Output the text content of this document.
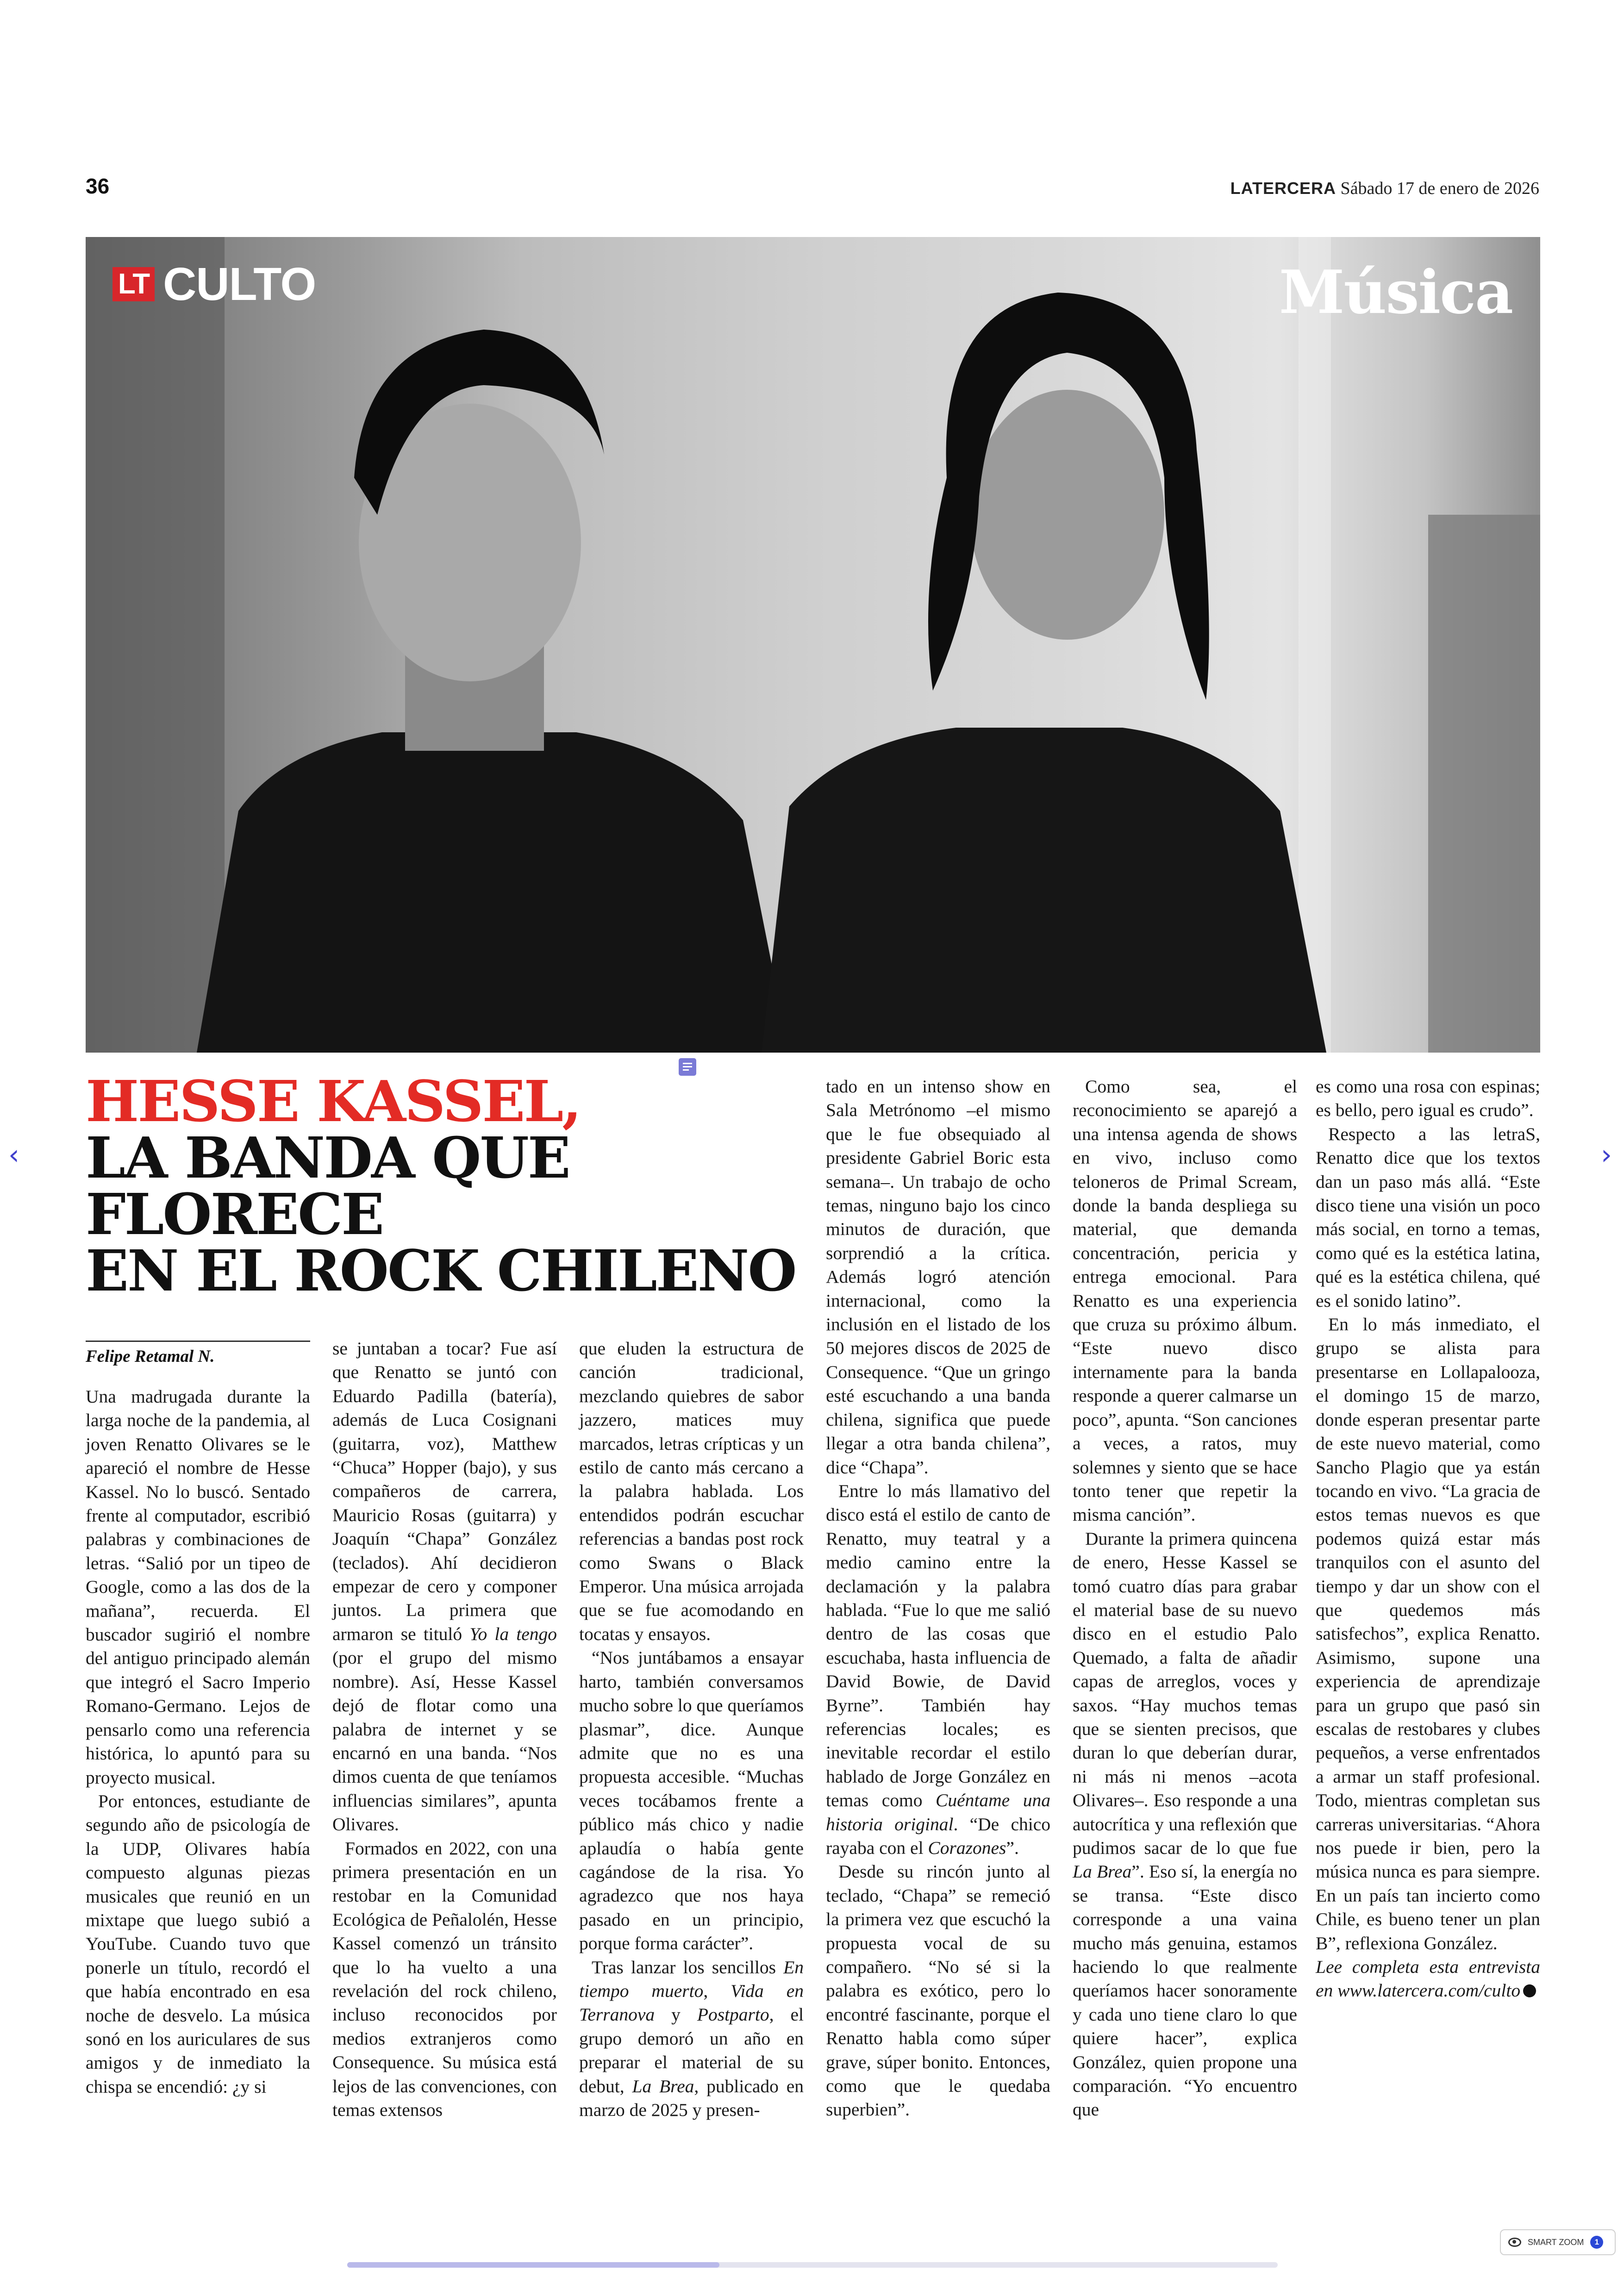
36	LATERCERA Sábado 17 de enero de 2026
LT CULTO	Música
HESSE KASSEL,
LA BANDA QUE FLORECE
EN EL ROCK CHILENO
Felipe Retamal N.

Una madrugada durante la larga noche de la pandemia, al joven Renatto Olivares se le apareció el nombre de Hesse Kassel. No lo buscó. Sentado frente al computador, escribió palabras y combinaciones de letras. “Salió por un tipeo de Google, como a las dos de la mañana”, recuerda. El buscador sugirió el nombre del antiguo principado alemán que integró el Sacro Imperio Romano-Germano. Lejos de pensarlo como una referencia histórica, lo apuntó para su proyecto musical.

Por entonces, estudiante de segundo año de psicología de la UDP, Olivares había compuesto algunas piezas musicales que reunió en un mixtape que luego subió a YouTube. Cuando tuvo que ponerle un título, recordó el que había encontrado en esa noche de desvelo. La música sonó en los auriculares de sus amigos y de inmediato la chispa se encendió: ¿y si

se juntaban a tocar? Fue así que Renatto se juntó con Eduardo Padilla (batería), además de Luca Cosignani (guitarra, voz), Matthew “Chuca” Hopper (bajo), y sus compañeros de carrera, Mauricio Rosas (guitarra) y Joaquín “Chapa” González (teclados). Ahí decidieron empezar de cero y componer juntos. La primera que armaron se tituló Yo la tengo (por el grupo del mismo nombre). Así, Hesse Kassel dejó de flotar como una palabra de internet y se encarnó en una banda. “Nos dimos cuenta de que teníamos influencias similares”, apunta Olivares.

Formados en 2022, con una primera presentación en un restobar en la Comunidad Ecológica de Peñalolén, Hesse Kassel comenzó un tránsito que lo ha vuelto a una revelación del rock chileno, incluso reconocidos por medios extranjeros como Consequence. Su música está lejos de las convenciones, con temas extensos

que eluden la estructura de canción tradicional, mezclando quiebres de sabor jazzero, matices muy marcados, letras crípticas y un estilo de canto más cercano a la palabra hablada. Los entendidos podrán escuchar referencias a bandas post rock como Swans o Black Emperor. Una música arrojada que se fue acomodando en tocatas y ensayos.

“Nos juntábamos a ensayar harto, también conversamos mucho sobre lo que queríamos plasmar”, dice. Aunque admite que no es una propuesta accesible. “Muchas veces tocábamos frente a público más chico y nadie aplaudía o había gente cagándose de la risa. Yo agradezco que nos haya pasado en un principio, porque forma carácter”.

Tras lanzar los sencillos En tiempo muerto, Vida en Terranova y Postparto, el grupo demoró un año en preparar el material de su debut, La Brea, publicado en marzo de 2025 y presen-

tado en un intenso show en Sala Metrónomo –el mismo que le fue obsequiado al presidente Gabriel Boric esta semana–. Un trabajo de ocho temas, ninguno bajo los cinco minutos de duración, que sorprendió a la crítica. Además logró atención internacional, como la inclusión en el listado de los 50 mejores discos de 2025 de Consequence. “Que un gringo esté escuchando a una banda chilena, significa que puede llegar a otra banda chilena”, dice “Chapa”.

Entre lo más llamativo del disco está el estilo de canto de Renatto, muy teatral y a medio camino entre la declamación y la palabra hablada. “Fue lo que me salió dentro de las cosas que escuchaba, hasta influencia de David Bowie, de David Byrne”. También hay referencias locales; es inevitable recordar el estilo hablado de Jorge González en temas como Cuéntame una historia original. “De chico rayaba con el Corazones”.

Desde su rincón junto al teclado, “Chapa” se remeció la primera vez que escuchó la propuesta vocal de su compañero. “No sé si la palabra es exótico, pero lo encontré fascinante, porque el Renatto habla como súper grave, súper bonito. Entonces, como que le quedaba superbien”.

Como sea, el reconocimiento se aparejó a una intensa agenda de shows en vivo, incluso como teloneros de Primal Scream, donde la banda despliega su material, que demanda concentración, pericia y entrega emocional. Para Renatto es una experiencia que cruza su próximo álbum. “Este nuevo disco internamente para la banda responde a querer calmarse un poco”, apunta. “Son canciones a veces, a ratos, muy solemnes y siento que se hace tonto tener que repetir la misma canción”.

Durante la primera quincena de enero, Hesse Kassel se tomó cuatro días para grabar el material base de su nuevo disco en el estudio Palo Quemado, a falta de añadir capas de arreglos, voces y saxos. “Hay muchos temas que se sienten precisos, que duran lo que deberían durar, ni más ni menos –acota Olivares–. Eso responde a una autocrítica y una reflexión que pudimos sacar de lo que fue La Brea”. Eso sí, la energía no se transa. “Este disco corresponde a una vaina mucho más genuina, estamos haciendo lo que realmente queríamos hacer sonoramente y cada uno tiene claro lo que quiere hacer”, explica González, quien propone una comparación. “Yo encuentro que

es como una rosa con espinas; es bello, pero igual es crudo”.

Respecto a las letraS, Renatto dice que los textos dan un paso más allá. “Este disco tiene una visión un poco más social, en torno a temas, como qué es la estética latina, qué es la estética chilena, qué es el sonido latino”.

En lo más inmediato, el grupo se alista para presentarse en Lollapalooza, el domingo 15 de marzo, donde esperan presentar parte de este nuevo material, como Sancho Plagio que ya están tocando en vivo. “La gracia de estos temas nuevos es que podemos quizá estar más tranquilos con el asunto del tiempo y dar un show con el que quedemos más satisfechos”, explica Renatto. Asimismo, supone una experiencia de aprendizaje para un grupo que pasó sin escalas de restobares y clubes pequeños, a verse enfrentados a armar un staff profesional. Todo, mientras completan sus carreras universitarias. “Ahora nos puede ir bien, pero la música nunca es para siempre. En un país tan incierto como Chile, es bueno tener un plan B”, reflexiona González.

Lee completa esta entrevista en www.latercera.com/culto

‹	›
SMART ZOOM	1
